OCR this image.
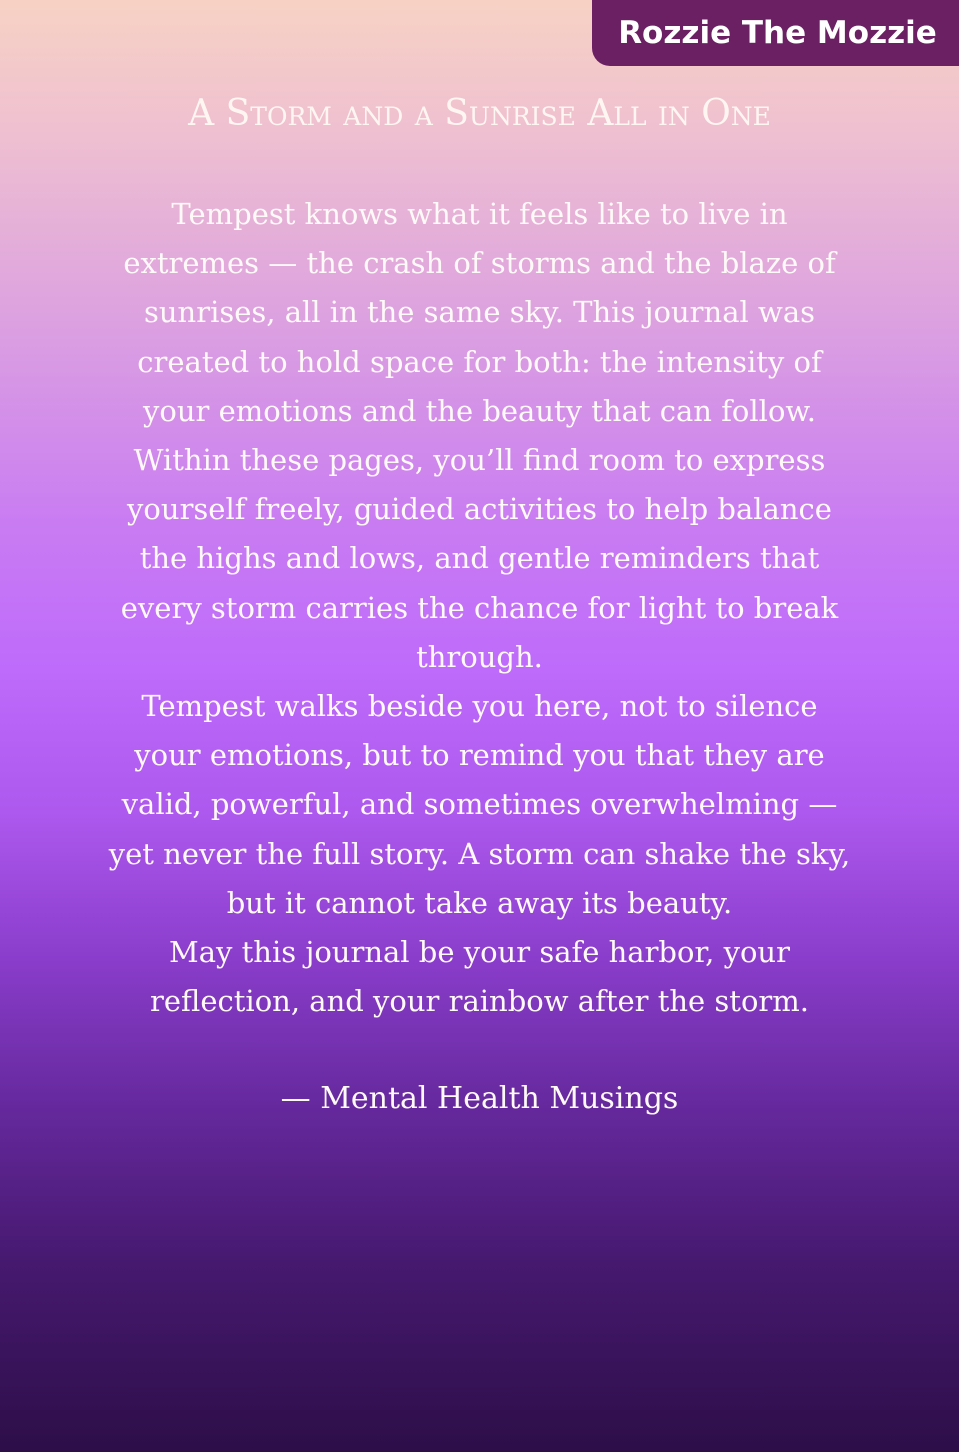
Rozzie The Mozzie
A Storm and a Sunrise All in One
Tempest knows what it feels like to live in
extremes — the crash of storms and the blaze of
sunrises, all in the same sky. This journal was
created to hold space for both: the intensity of
your emotions and the beauty that can follow.
Within these pages, you’ll find room to express
yourself freely, guided activities to help balance
the highs and lows, and gentle reminders that
every storm carries the chance for light to break
through.
Tempest walks beside you here, not to silence
your emotions, but to remind you that they are
valid, powerful, and sometimes overwhelming —
yet never the full story. A storm can shake the sky,
but it cannot take away its beauty.
May this journal be your safe harbor, your
reflection, and your rainbow after the storm.
— Mental Health Musings
